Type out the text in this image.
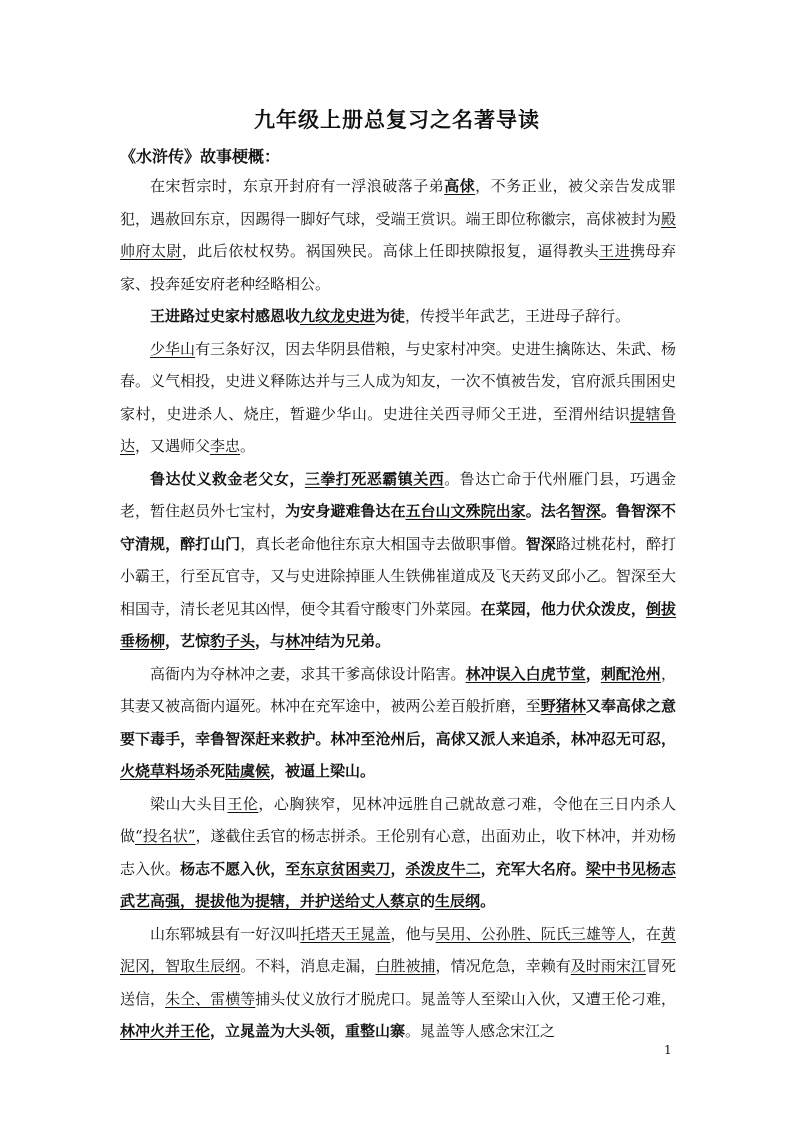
九年级上册总复习之名著导读
《水浒传》故事梗概：

在宋哲宗时，东京开封府有一浮浪破落子弟高俅，不务正业，被父亲告发成罪犯，遇赦回东京，因踢得一脚好气球，受端王赏识。端王即位称徽宗，高俅被封为殿帅府太尉，此后依杖权势。祸国殃民。高俅上任即挟隙报复，逼得教头王进携母弃家、投奔延安府老种经略相公。

王进路过史家村感恩收九纹龙史进为徒，传授半年武艺，王进母子辞行。

少华山有三条好汉，因去华阴县借粮，与史家村冲突。史进生擒陈达、朱武、杨春。义气相投，史进义释陈达并与三人成为知友，一次不慎被告发，官府派兵围困史家村，史进杀人、烧庄，暂避少华山。史进往关西寻师父王进，至渭州结识提辖鲁达，又遇师父李忠。

鲁达仗义救金老父女，三拳打死恶霸镇关西。鲁达亡命于代州雁门县，巧遇金老，暂住赵员外七宝村，为安身避难鲁达在五台山文殊院出家。法名智深。鲁智深不守清规，醉打山门，真长老命他往东京大相国寺去做职事僧。智深路过桃花村，醉打小霸王，行至瓦官寺，又与史进除掉匪人生铁佛崔道成及飞天药叉邱小乙。智深至大相国寺，清长老见其凶悍，便令其看守酸枣门外菜园。在菜园，他力伏众泼皮，倒拔垂杨柳，艺惊豹子头，与林冲结为兄弟。

高衙内为夺林冲之妻，求其干爹高俅设计陷害。林冲误入白虎节堂，刺配沧州，其妻又被高衙内逼死。林冲在充军途中，被两公差百般折磨，至野猪林又奉高俅之意要下毒手，幸鲁智深赶来救护。林冲至沧州后，高俅又派人来追杀，林冲忍无可忍，火烧草料场杀死陆虞候，被逼上梁山。

梁山大头目王伦，心胸狭窄，见林冲远胜自己就故意刁难，令他在三日内杀人做“投名状”，遂截住丢官的杨志拼杀。王伦别有心意，出面劝止，收下林冲，并劝杨志入伙。杨志不愿入伙，至东京贫困卖刀，杀泼皮牛二，充军大名府。梁中书见杨志武艺高强，提拔他为提辖，并护送给丈人蔡京的生辰纲。

山东郓城县有一好汉叫托塔天王晁盖，他与吴用、公孙胜、阮氏三雄等人，在黄泥冈，智取生辰纲。不料，消息走漏，白胜被捕，情况危急，幸赖有及时雨宋江冒死送信，朱仝、雷横等捕头仗义放行才脱虎口。晁盖等人至梁山入伙，又遭王伦刁难，林冲火并王伦，立晁盖为大头领，重整山寨。晁盖等人感念宋江之

1
